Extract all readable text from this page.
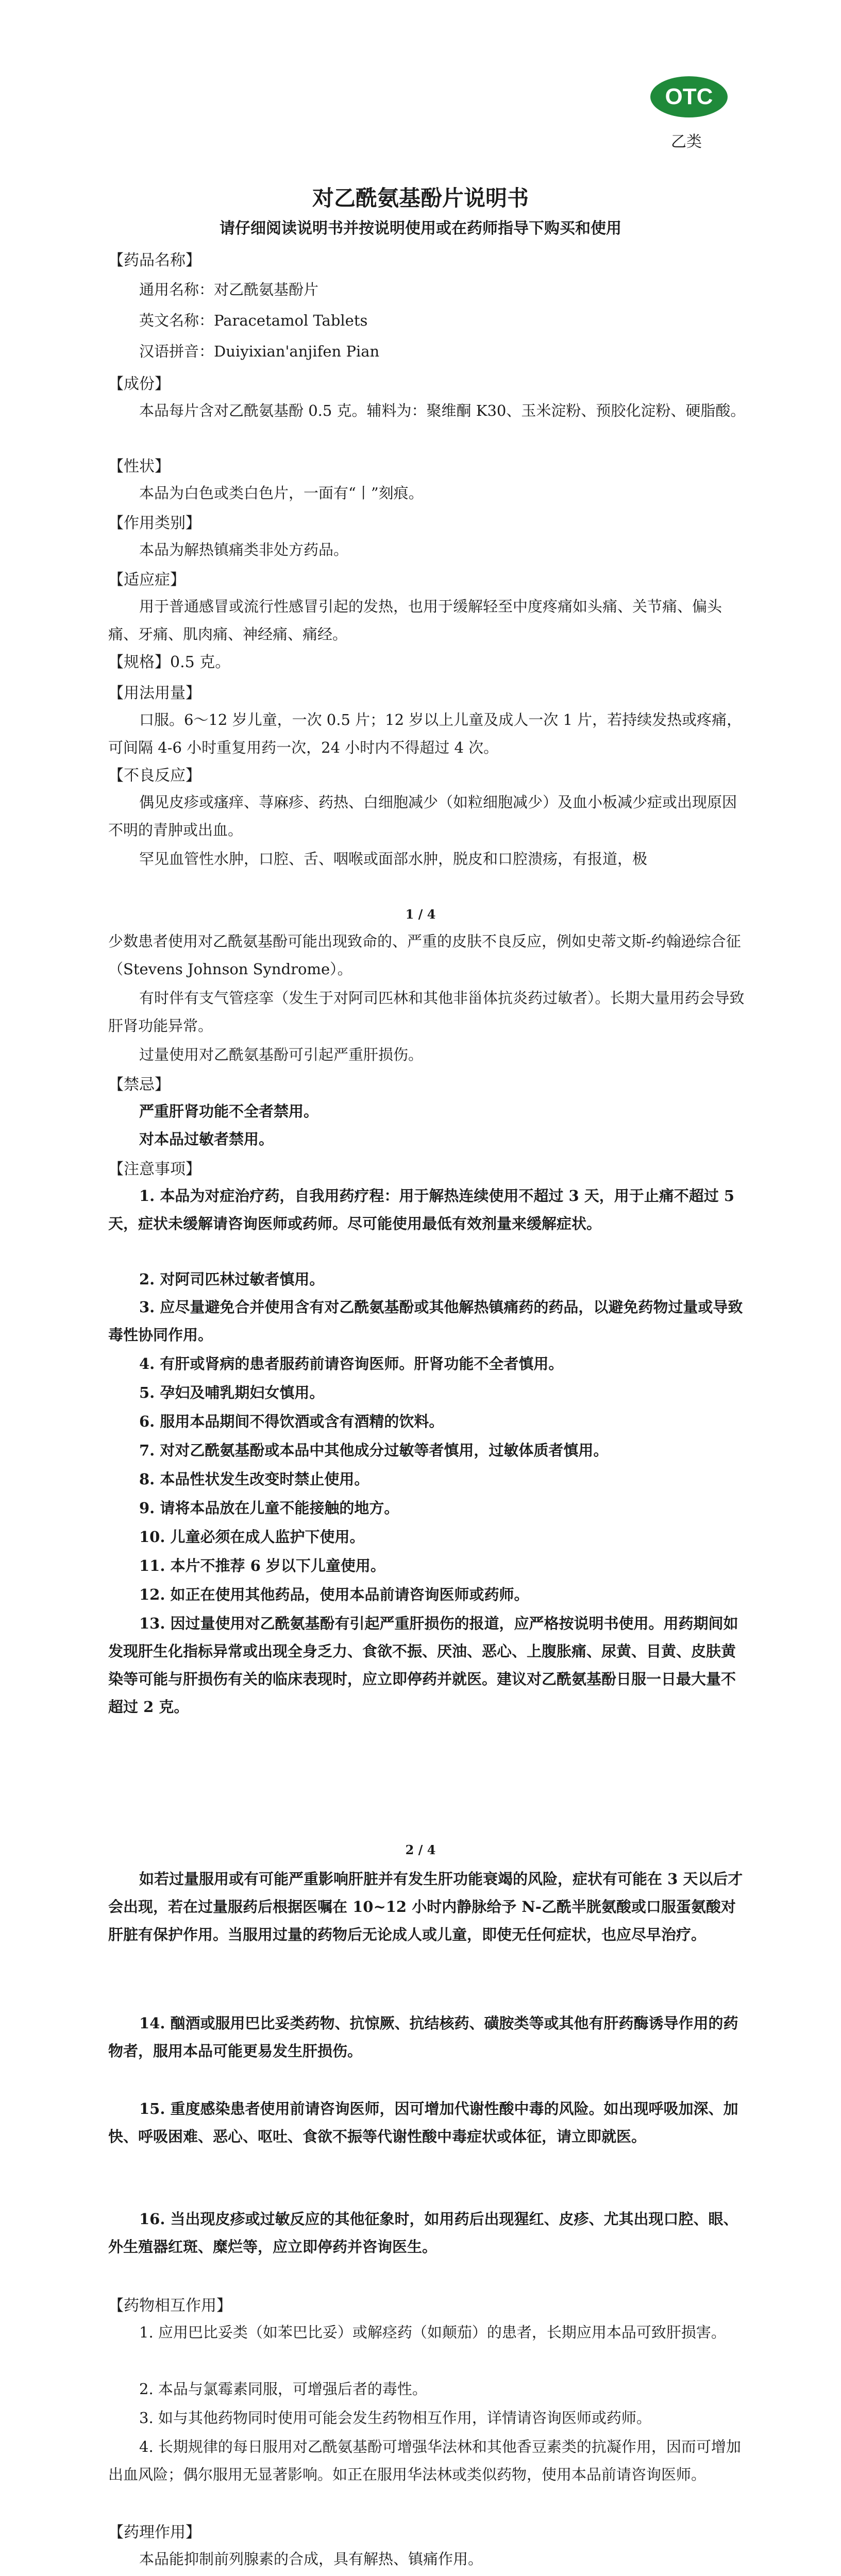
OTC
乙类
对乙酰氨基酚片说明书
请仔细阅读说明书并按说明使用或在药师指导下购买和使用
【药品名称】
通用名称：对乙酰氨基酚片
英文名称：Paracetamol Tablets
汉语拼音：Duiyixian'anjifen Pian
【成份】
本品每片含对乙酰氨基酚 0.5 克。辅料为：聚维酮 K30、玉米淀粉、预胶化淀粉、硬脂酸。
【性状】
本品为白色或类白色片，一面有“丨”刻痕。
【作用类别】
本品为解热镇痛类非处方药品。
【适应症】
用于普通感冒或流行性感冒引起的发热，也用于缓解轻至中度疼痛如头痛、关节痛、偏头痛、牙痛、肌肉痛、神经痛、痛经。
【规格】0.5 克。
【用法用量】
口服。6～12 岁儿童，一次 0.5 片；12 岁以上儿童及成人一次 1 片，若持续发热或疼痛，可间隔 4-6 小时重复用药一次，24 小时内不得超过 4 次。
【不良反应】
偶见皮疹或瘙痒、荨麻疹、药热、白细胞减少（如粒细胞减少）及血小板减少症或出现原因不明的青肿或出血。
罕见血管性水肿，口腔、舌、咽喉或面部水肿，脱皮和口腔溃疡，有报道，极
1 / 4
少数患者使用对乙酰氨基酚可能出现致命的、严重的皮肤不良反应，例如史蒂文斯-约翰逊综合征（Stevens Johnson Syndrome）。
有时伴有支气管痉挛（发生于对阿司匹林和其他非甾体抗炎药过敏者）。长期大量用药会导致肝肾功能异常。
过量使用对乙酰氨基酚可引起严重肝损伤。
【禁忌】
严重肝肾功能不全者禁用。
对本品过敏者禁用。
【注意事项】
1. 本品为对症治疗药，自我用药疗程：用于解热连续使用不超过 3 天，用于止痛不超过 5 天，症状未缓解请咨询医师或药师。尽可能使用最低有效剂量来缓解症状。
2. 对阿司匹林过敏者慎用。
3. 应尽量避免合并使用含有对乙酰氨基酚或其他解热镇痛药的药品，以避免药物过量或导致毒性协同作用。
4. 有肝或肾病的患者服药前请咨询医师。肝肾功能不全者慎用。
5. 孕妇及哺乳期妇女慎用。
6. 服用本品期间不得饮酒或含有酒精的饮料。
7. 对对乙酰氨基酚或本品中其他成分过敏等者慎用，过敏体质者慎用。
8. 本品性状发生改变时禁止使用。
9. 请将本品放在儿童不能接触的地方。
10. 儿童必须在成人监护下使用。
11. 本片不推荐 6 岁以下儿童使用。
12. 如正在使用其他药品，使用本品前请咨询医师或药师。
13. 因过量使用对乙酰氨基酚有引起严重肝损伤的报道，应严格按说明书使用。用药期间如发现肝生化指标异常或出现全身乏力、食欲不振、厌油、恶心、上腹胀痛、尿黄、目黄、皮肤黄染等可能与肝损伤有关的临床表现时，应立即停药并就医。建议对乙酰氨基酚日服一日最大量不超过 2 克。
2 / 4
如若过量服用或有可能严重影响肝脏并有发生肝功能衰竭的风险，症状有可能在 3 天以后才会出现，若在过量服药后根据医嘱在 10~12 小时内静脉给予 N-乙酰半胱氨酸或口服蛋氨酸对肝脏有保护作用。当服用过量的药物后无论成人或儿童，即使无任何症状，也应尽早治疗。
14. 酗酒或服用巴比妥类药物、抗惊厥、抗结核药、磺胺类等或其他有肝药酶诱导作用的药物者，服用本品可能更易发生肝损伤。
15. 重度感染患者使用前请咨询医师，因可增加代谢性酸中毒的风险。如出现呼吸加深、加快、呼吸困难、恶心、呕吐、食欲不振等代谢性酸中毒症状或体征，请立即就医。
16. 当出现皮疹或过敏反应的其他征象时，如用药后出现猩红、皮疹、尤其出现口腔、眼、外生殖器红斑、糜烂等，应立即停药并咨询医生。
【药物相互作用】
1. 应用巴比妥类（如苯巴比妥）或解痉药（如颠茄）的患者，长期应用本品可致肝损害。
2. 本品与氯霉素同服，可增强后者的毒性。
3. 如与其他药物同时使用可能会发生药物相互作用，详情请咨询医师或药师。
4. 长期规律的每日服用对乙酰氨基酚可增强华法林和其他香豆素类的抗凝作用，因而可增加出血风险；偶尔服用无显著影响。如正在服用华法林或类似药物，使用本品前请咨询医师。
【药理作用】
本品能抑制前列腺素的合成，具有解热、镇痛作用。
